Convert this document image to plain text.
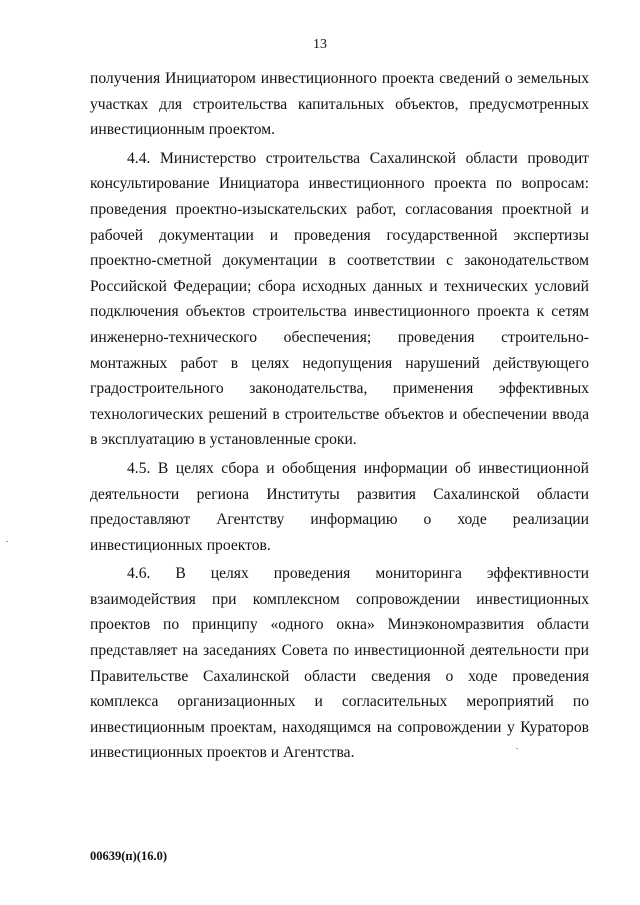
13

получения Инициатором инвестиционного проекта сведений о земельных участках для строительства капитальных объектов, предусмотренных инвестиционным проектом.

4.4. Министерство строительства Сахалинской области проводит консультирование Инициатора инвестиционного проекта по вопросам: проведения проектно-изыскательских работ, согласования проектной и рабочей документации и проведения государственной экспертизы проектно-сметной документации в соответствии с законодательством Российской Федерации; сбора исходных данных и технических условий подключения объектов строительства инвестиционного проекта к сетям инженерно-технического обеспечения; проведения строительно-монтажных работ в целях недопущения нарушений действующего градостроительного законодательства, применения эффективных технологических решений в строительстве объектов и обеспечении ввода в эксплуатацию в установленные сроки.

4.5. В целях сбора и обобщения информации об инвестиционной деятельности региона Институты развития Сахалинской области предоставляют Агентству информацию о ходе реализации инвестиционных проектов.

4.6. В целях проведения мониторинга эффективности взаимодействия при комплексном сопровождении инвестиционных проектов по принципу «одного окна» Минэкономразвития области представляет на заседаниях Совета по инвестиционной деятельности при Правительстве Сахалинской области сведения о ходе проведения комплекса организационных и согласительных мероприятий по инвестиционным проектам, находящимся на сопровождении у Кураторов инвестиционных проектов и Агентства.

00639(п)(16.0)
